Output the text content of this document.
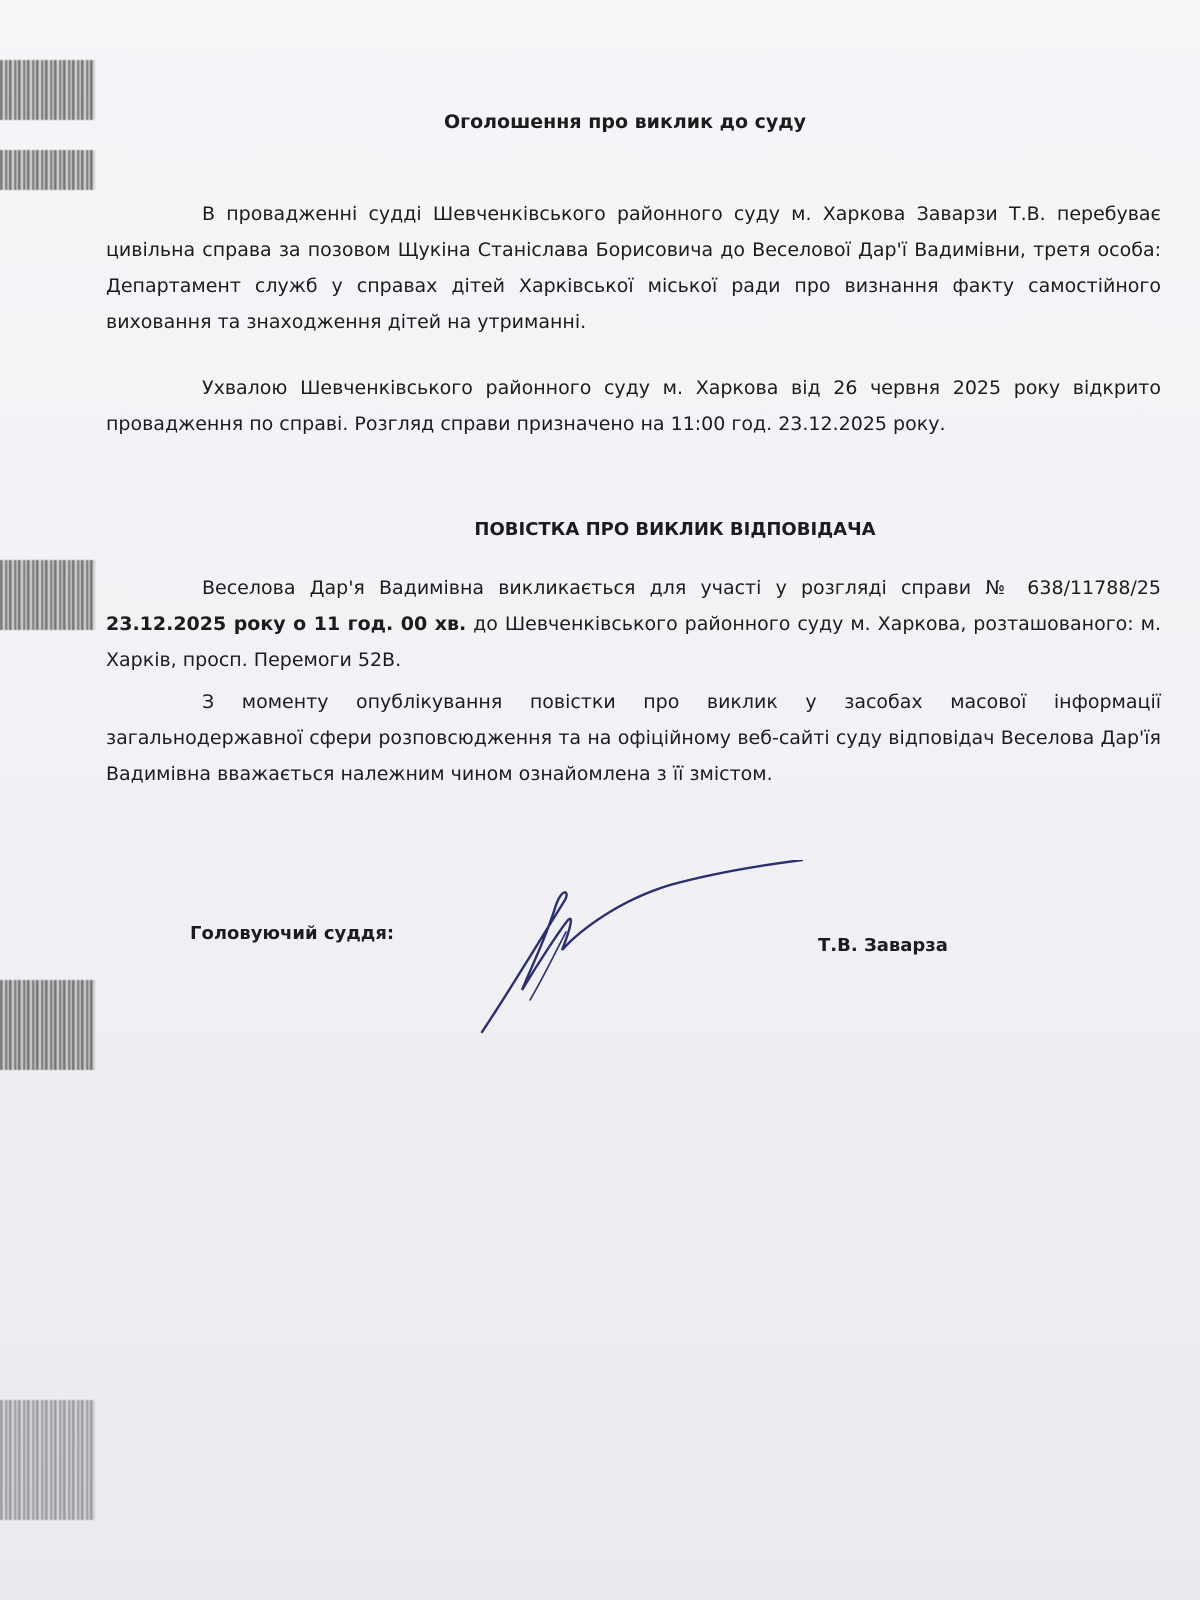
Оголошення про виклик до суду

В провадженні судді Шевченківського районного суду м. Харкова Заварзи Т.В. перебуває цивільна справа за позовом Щукіна Станіслава Борисовича до Веселової Дар'ї Вадимівни, третя особа: Департамент служб у справах дітей Харківської міської ради про визнання факту самостійного виховання та знаходження дітей на утриманні.

Ухвалою Шевченківського районного суду м. Харкова від 26 червня 2025 року відкрито провадження по справі. Розгляд справи призначено на 11:00 год. 23.12.2025 року.

ПОВІСТКА ПРО ВИКЛИК ВІДПОВІДАЧА

Веселова Дар'я Вадимівна викликається для участі у розгляді справи № 638/11788/25 23.12.2025 року о 11 год. 00 хв. до Шевченківського районного суду м. Харкова, розташованого: м. Харків, просп. Перемоги 52В.

З моменту опублікування повістки про виклик у засобах масової інформації загальнодержавної сфери розповсюдження та на офіційному веб-сайті суду відповідач Веселова Дар'їя Вадимівна вважається належним чином ознайомлена з її змістом.

Головуючий суддя:
Т.В. Заварза
